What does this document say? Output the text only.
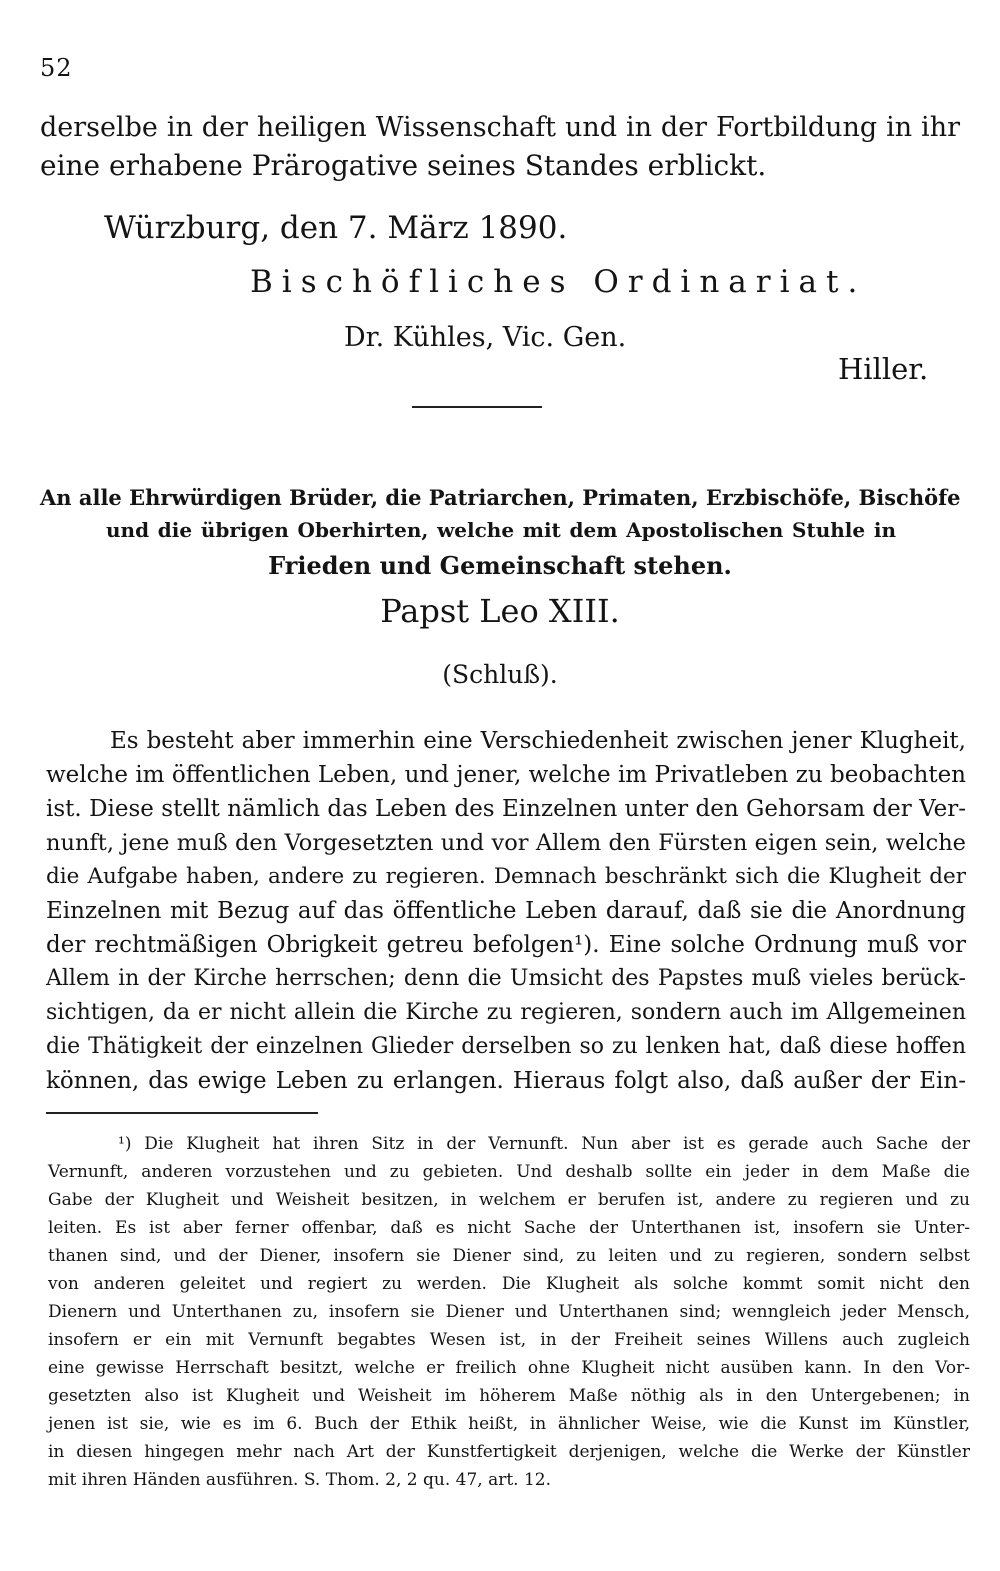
52
derselbe in der heiligen Wissenschaft und in der Fortbildung in ihr
eine erhabene Prärogative seines Standes erblickt.
Würzburg, den 7. März 1890.
Bischöfliches Ordinariat.
Dr. Kühles, Vic. Gen.
Hiller.
An alle Ehrwürdigen Brüder, die Patriarchen, Primaten, Erzbischöfe, Bischöfe
und die übrigen Oberhirten, welche mit dem Apostolischen Stuhle in
Frieden und Gemeinschaft stehen.
Papst Leo XIII.
(Schluß).
Es besteht aber immerhin eine Verschiedenheit zwischen jener Klugheit,
welche im öffentlichen Leben, und jener, welche im Privatleben zu beobachten
ist. Diese stellt nämlich das Leben des Einzelnen unter den Gehorsam der Ver-
nunft, jene muß den Vorgesetzten und vor Allem den Fürsten eigen sein, welche
die Aufgabe haben, andere zu regieren. Demnach beschränkt sich die Klugheit der
Einzelnen mit Bezug auf das öffentliche Leben darauf, daß sie die Anordnung
der rechtmäßigen Obrigkeit getreu befolgen¹). Eine solche Ordnung muß vor
Allem in der Kirche herrschen; denn die Umsicht des Papstes muß vieles berück-
sichtigen, da er nicht allein die Kirche zu regieren, sondern auch im Allgemeinen
die Thätigkeit der einzelnen Glieder derselben so zu lenken hat, daß diese hoffen
können, das ewige Leben zu erlangen. Hieraus folgt also, daß außer der Ein-
¹) Die Klugheit hat ihren Sitz in der Vernunft. Nun aber ist es gerade auch Sache der
Vernunft, anderen vorzustehen und zu gebieten. Und deshalb sollte ein jeder in dem Maße die
Gabe der Klugheit und Weisheit besitzen, in welchem er berufen ist, andere zu regieren und zu
leiten. Es ist aber ferner offenbar, daß es nicht Sache der Unterthanen ist, insofern sie Unter-
thanen sind, und der Diener, insofern sie Diener sind, zu leiten und zu regieren, sondern selbst
von anderen geleitet und regiert zu werden. Die Klugheit als solche kommt somit nicht den
Dienern und Unterthanen zu, insofern sie Diener und Unterthanen sind; wenngleich jeder Mensch,
insofern er ein mit Vernunft begabtes Wesen ist, in der Freiheit seines Willens auch zugleich
eine gewisse Herrschaft besitzt, welche er freilich ohne Klugheit nicht ausüben kann. In den Vor-
gesetzten also ist Klugheit und Weisheit im höherem Maße nöthig als in den Untergebenen; in
jenen ist sie, wie es im 6. Buch der Ethik heißt, in ähnlicher Weise, wie die Kunst im Künstler,
in diesen hingegen mehr nach Art der Kunstfertigkeit derjenigen, welche die Werke der Künstler
mit ihren Händen ausführen. S. Thom. 2, 2 qu. 47, art. 12.
